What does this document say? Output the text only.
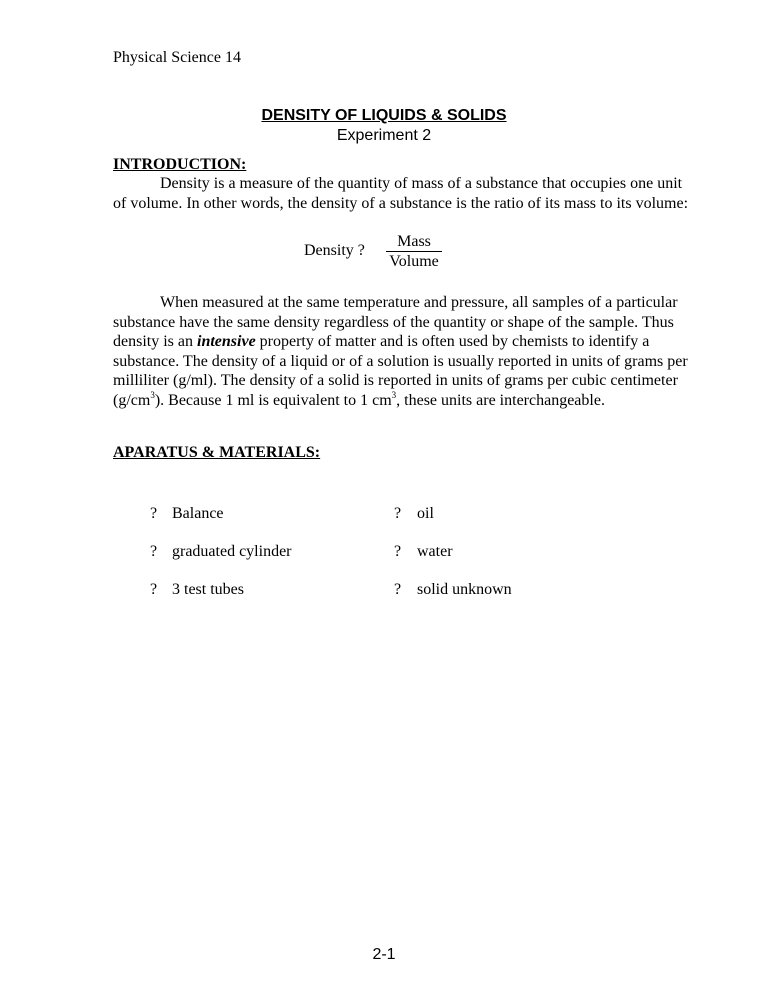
Physical Science 14
DENSITY OF LIQUIDS & SOLIDS
Experiment 2
INTRODUCTION:
Density is a measure of the quantity of mass of a substance that occupies one unit
of volume. In other words, the density of a substance is the ratio of its mass to its volume:
Density ?
Mass
Volume
When measured at the same temperature and pressure, all samples of a particular
substance have the same density regardless of the quantity or shape of the sample. Thus
density is an intensive property of matter and is often used by chemists to identify a
substance. The density of a liquid or of a solution is usually reported in units of grams per
milliliter (g/ml). The density of a solid is reported in units of grams per cubic centimeter
$(g/cm^3)$. Because 1 ml is equivalent to 1 $cm^3$, these units are interchangeable.
APARATUS & MATERIALS:
? Balance
? graduated cylinder
? 3 test tubes
? oil
? water
? solid unknown
2-1
